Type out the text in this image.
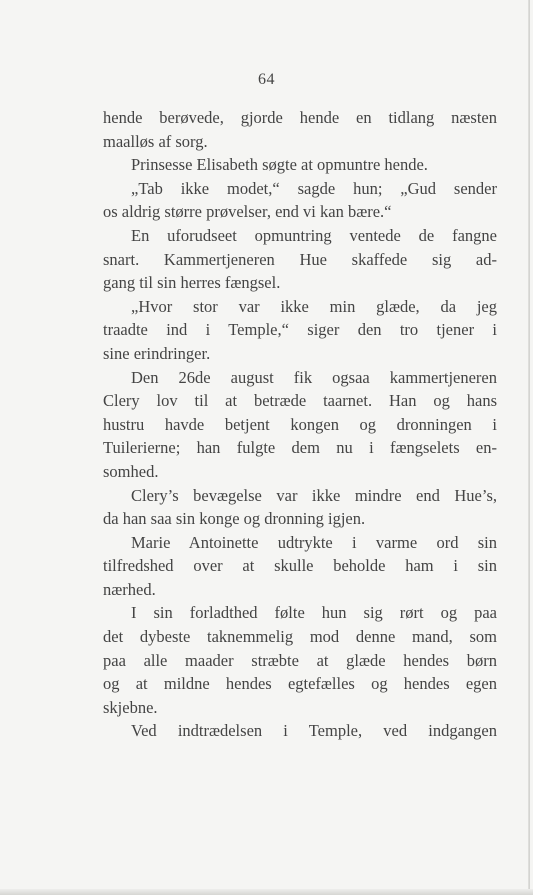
64
hende berøvede, gjorde hende en tidlang næsten
maalløs af sorg.
Prinsesse Elisabeth søgte at opmuntre hende.
„Tab ikke modet,“ sagde hun; „Gud sender
os aldrig større prøvelser, end vi kan bære.“
En uforudseet opmuntring ventede de fangne
snart. Kammertjeneren Hue skaffede sig ad-
gang til sin herres fængsel.
„Hvor stor var ikke min glæde, da jeg
traadte ind i Temple,“ siger den tro tjener i
sine erindringer.
Den 26de august fik ogsaa kammertjeneren
Clery lov til at betræde taarnet. Han og hans
hustru havde betjent kongen og dronningen i
Tuilerierne; han fulgte dem nu i fængselets en-
somhed.
Clery’s bevægelse var ikke mindre end Hue’s,
da han saa sin konge og dronning igjen.
Marie Antoinette udtrykte i varme ord sin
tilfredshed over at skulle beholde ham i sin
nærhed.
I sin forladthed følte hun sig rørt og paa
det dybeste taknemmelig mod denne mand, som
paa alle maader stræbte at glæde hendes børn
og at mildne hendes egtefælles og hendes egen
skjebne.
Ved indtrædelsen i Temple, ved indgangen
